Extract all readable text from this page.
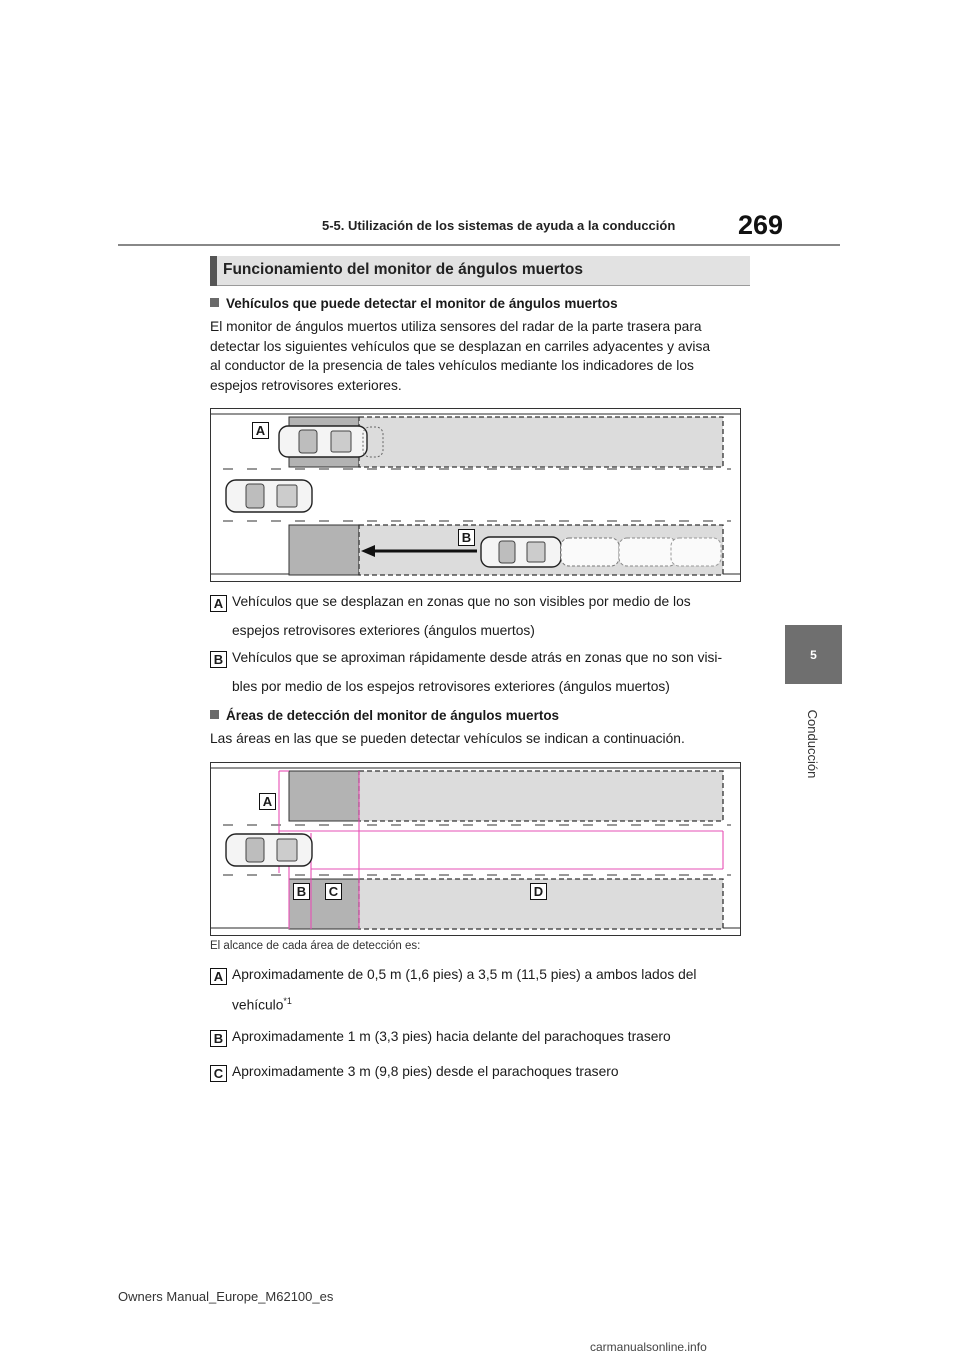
5-5. Utilización de los sistemas de ayuda a la conducción 269
5
Conducción
Funcionamiento del monitor de ángulos muertos
Vehículos que puede detectar el monitor de ángulos muertos
El monitor de ángulos muertos utiliza sensores del radar de la parte trasera para
detectar los siguientes vehículos que se desplazan en carriles adyacentes y avisa
al conductor de la presencia de tales vehículos mediante los indicadores de los
espejos retrovisores exteriores.
A
B
A Vehículos que se desplazan en zonas que no son visibles por medio de los
espejos retrovisores exteriores (ángulos muertos)
B Vehículos que se aproximan rápidamente desde atrás en zonas que no son visi-
bles por medio de los espejos retrovisores exteriores (ángulos muertos)
Áreas de detección del monitor de ángulos muertos
Las áreas en las que se pueden detectar vehículos se indican a continuación.
A
B C	D
El alcance de cada área de detección es:
A Aproximadamente de 0,5 m (1,6 pies) a 3,5 m (11,5 pies) a ambos lados del
vehículo$^{*1}$
B Aproximadamente 1 m (3,3 pies) hacia delante del parachoques trasero
C Aproximadamente 3 m (9,8 pies) desde el parachoques trasero
Owners Manual_Europe_M62100_es
carmanualsonline.info
